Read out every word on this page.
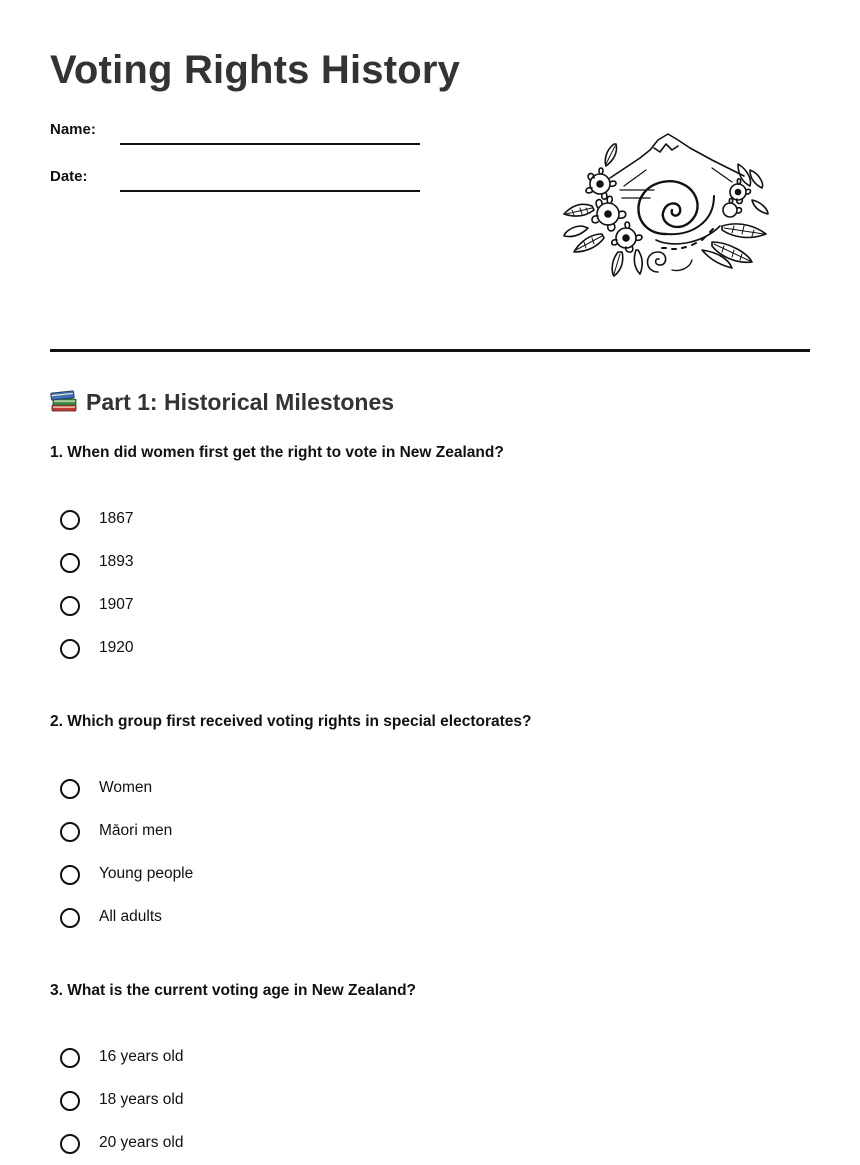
Voting Rights History
Name:
Date:
Part 1: Historical Milestones

1. When did women first get the right to vote in New Zealand?

1867
1893
1907
1920

2. Which group first received voting rights in special electorates?

Women
Māori men
Young people
All adults

3. What is the current voting age in New Zealand?

16 years old
18 years old
20 years old
